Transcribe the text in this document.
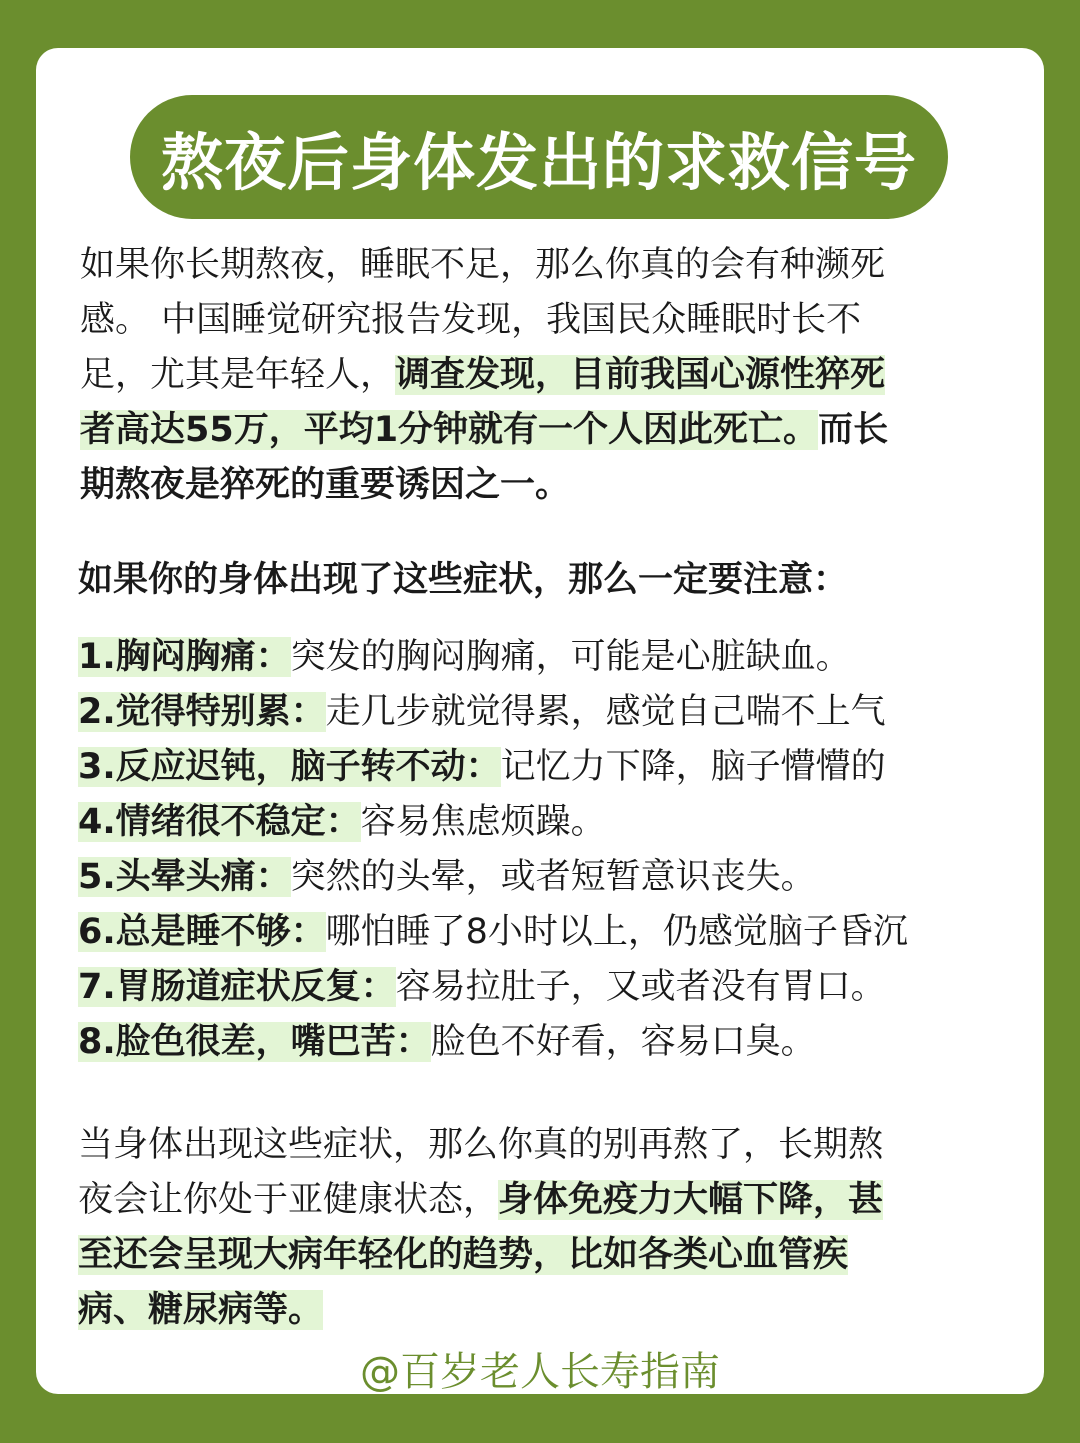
熬夜后身体发出的求救信号
如果你长期熬夜，睡眠不足，那么你真的会有种濒死
感。 中国睡觉研究报告发现，我国民众睡眠时长不
足，尤其是年轻人，调查发现，目前我国心源性猝死
者高达55万，平均1分钟就有一个人因此死亡。而长
期熬夜是猝死的重要诱因之一。
如果你的身体出现了这些症状，那么一定要注意：
1.胸闷胸痛：突发的胸闷胸痛，可能是心脏缺血。
2.觉得特别累：走几步就觉得累，感觉自己喘不上气
3.反应迟钝，脑子转不动：记忆力下降，脑子懵懵的
4.情绪很不稳定：容易焦虑烦躁。
5.头晕头痛：突然的头晕，或者短暂意识丧失。
6.总是睡不够：哪怕睡了8小时以上，仍感觉脑子昏沉
7.胃肠道症状反复：容易拉肚子，又或者没有胃口。
8.脸色很差，嘴巴苦：脸色不好看，容易口臭。
当身体出现这些症状，那么你真的别再熬了，长期熬
夜会让你处于亚健康状态，身体免疫力大幅下降，甚
至还会呈现大病年轻化的趋势，比如各类心血管疾
病、糖尿病等。
@百岁老人长寿指南
